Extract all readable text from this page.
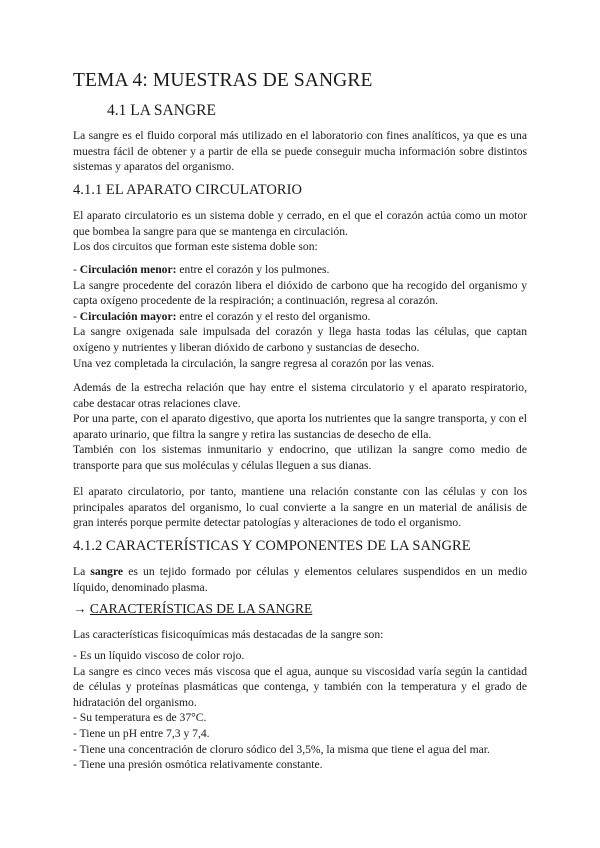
TEMA 4: MUESTRAS DE SANGRE
4.1 LA SANGRE

La sangre es el fluido corporal más utilizado en el laboratorio con fines analíticos, ya que es una muestra fácil de obtener y a partir de ella se puede conseguir mucha información sobre distintos sistemas y aparatos del organismo.

4.1.1 EL APARATO CIRCULATORIO

El aparato circulatorio es un sistema doble y cerrado, en el que el corazón actúa como un motor que bombea la sangre para que se mantenga en circulación.

Los dos circuitos que forman este sistema doble son:

- Circulación menor: entre el corazón y los pulmones.

La sangre procedente del corazón libera el dióxido de carbono que ha recogido del organismo y capta oxígeno procedente de la respiración; a continuación, regresa al corazón.

- Circulación mayor: entre el corazón y el resto del organismo.

La sangre oxigenada sale impulsada del corazón y llega hasta todas las células, que captan oxígeno y nutrientes y liberan dióxido de carbono y sustancias de desecho.

Una vez completada la circulación, la sangre regresa al corazón por las venas.

Además de la estrecha relación que hay entre el sistema circulatorio y el aparato respiratorio, cabe destacar otras relaciones clave.

Por una parte, con el aparato digestivo, que aporta los nutrientes que la sangre transporta, y con el aparato urinario, que filtra la sangre y retira las sustancias de desecho de ella.

También con los sistemas inmunitario y endocrino, que utilizan la sangre como medio de transporte para que sus moléculas y células lleguen a sus dianas.

El aparato circulatorio, por tanto, mantiene una relación constante con las células y con los principales aparatos del organismo, lo cual convierte a la sangre en un material de análisis de gran interés porque permite detectar patologías y alteraciones de todo el organismo.

4.1.2 CARACTERÍSTICAS Y COMPONENTES DE LA SANGRE

La sangre es un tejido formado por células y elementos celulares suspendidos en un medio líquido, denominado plasma.

→ CARACTERÍSTICAS DE LA SANGRE

Las características fisicoquímicas más destacadas de la sangre son:

- Es un líquido viscoso de color rojo.

La sangre es cinco veces más viscosa que el agua, aunque su viscosidad varía según la cantidad de células y proteínas plasmáticas que contenga, y también con la temperatura y el grado de hidratación del organismo.

- Su temperatura es de 37°C.

- Tiene un pH entre 7,3 y 7,4.

- Tiene una concentración de cloruro sódico del 3,5%, la misma que tiene el agua del mar.

- Tiene una presión osmótica relativamente constante.
